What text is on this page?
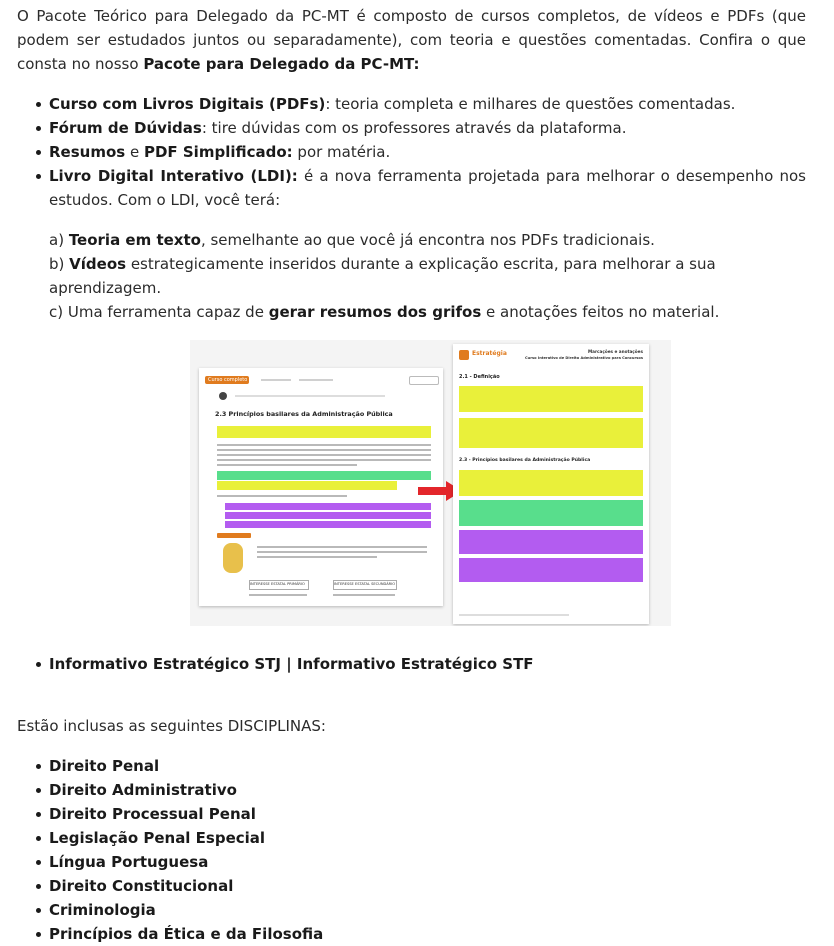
O Pacote Teórico para Delegado da PC-MT é composto de cursos completos, de vídeos e PDFs (que podem ser estudados juntos ou separadamente), com teoria e questões comentadas. Confira o que consta no nosso Pacote para Delegado da PC-MT:

Curso com Livros Digitais (PDFs): teoria completa e milhares de questões comentadas.
Fórum de Dúvidas: tire dúvidas com os professores através da plataforma.
Resumos e PDF Simplificado: por matéria.
Livro Digital Interativo (LDI): é a nova ferramenta projetada para melhorar o desempenho nos estudos. Com o LDI, você terá:
a) Teoria em texto, semelhante ao que você já encontra nos PDFs tradicionais.
b) Vídeos estrategicamente inseridos durante a explicação escrita, para melhorar a sua aprendizagem.
c) Uma ferramenta capaz de gerar resumos dos grifos e anotações feitos no material.
Curso completo
2.3 Princípios basilares da Administração Pública
INTERESSE ESTATAL PRIMÁRIO	INTERESSE ESTATAL SECUNDÁRIO
Estratégia	Marcações e anotações
Curso Interativo de Direito Administrativo para Concursos
2.1 - Definição
2.3 - Princípios basilares da Administração Pública
Informativo Estratégico STJ | Informativo Estratégico STF

Estão inclusas as seguintes DISCIPLINAS:

Direito Penal
Direito Administrativo
Direito Processual Penal
Legislação Penal Especial
Língua Portuguesa
Direito Constitucional
Criminologia
Princípios da Ética e da Filosofia
